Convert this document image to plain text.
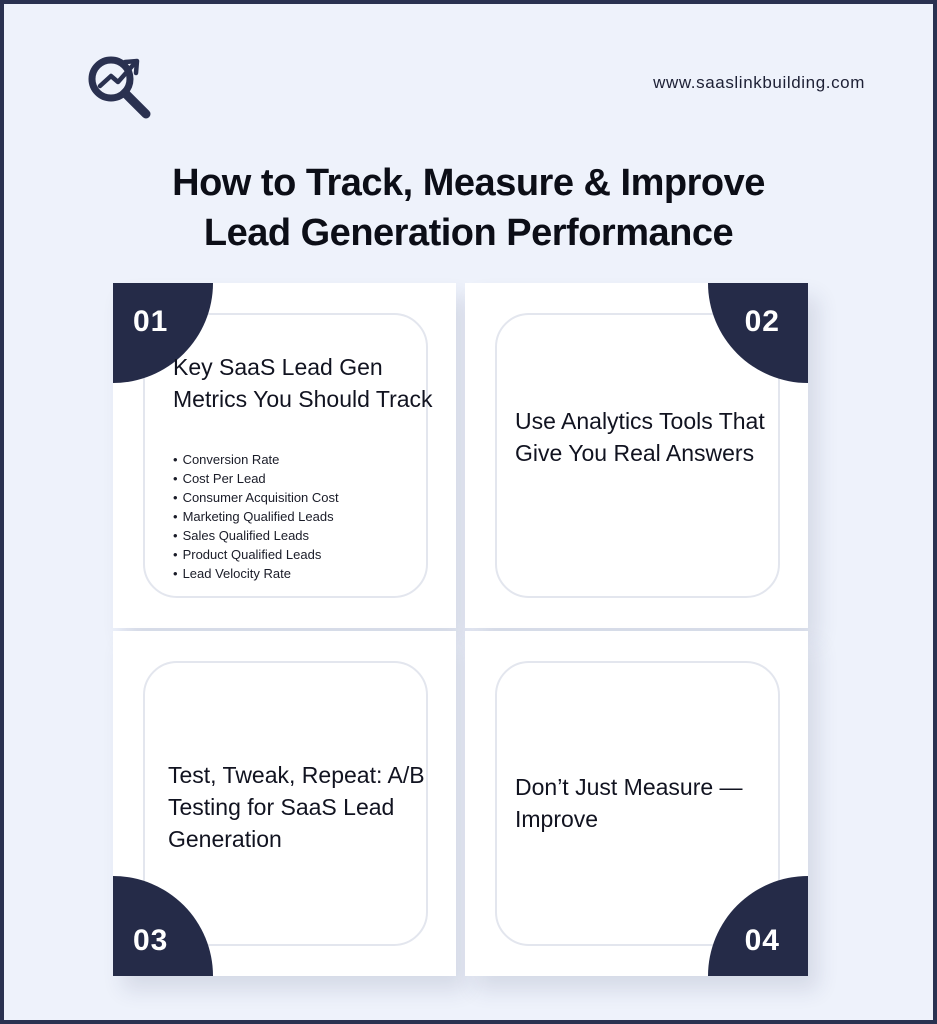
www.saaslinkbuilding.com
How to Track, Measure & Improve
Lead Generation Performance
01
Key SaaS Lead Gen Metrics You Should Track
• Conversion Rate
• Cost Per Lead
• Consumer Acquisition Cost
• Marketing Qualified Leads
• Sales Qualified Leads
• Product Qualified Leads
• Lead Velocity Rate
02
Use Analytics Tools That Give You Real Answers
03
Test, Tweak, Repeat: A/B Testing for SaaS Lead Generation
04
Don’t Just Measure — Improve
